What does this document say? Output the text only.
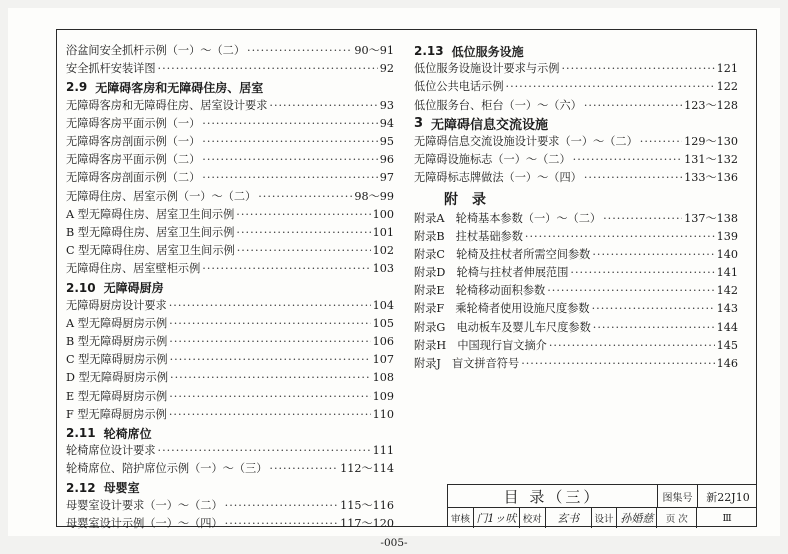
浴盆间安全抓杆示例（一）～（二） ·····	90～91
安全抓杆安装详图 ·····	92
2.9 无障碍客房和无障碍住房、居室
无障碍客房和无障碍住房、居室设计要求 ·····	93
无障碍客房平面示例（一） ·····	94
无障碍客房剖面示例（一） ·····	95
无障碍客房平面示例（二） ·····	96
无障碍客房剖面示例（二） ·····	97
无障碍住房、居室示例（一）～（二） ·····	98～99
A 型无障碍住房、居室卫生间示例 ·····	100
B 型无障碍住房、居室卫生间示例 ·····	101
C 型无障碍住房、居室卫生间示例 ·····	102
无障碍住房、居室壁柜示例 ·····	103
2.10 无障碍厨房
无障碍厨房设计要求 ·····	104
A 型无障碍厨房示例 ·····	105
B 型无障碍厨房示例 ·····	106
C 型无障碍厨房示例 ·····	107
D 型无障碍厨房示例 ·····	108
E 型无障碍厨房示例 ·····	109
F 型无障碍厨房示例 ·····	110
2.11 轮椅席位
轮椅席位设计要求 ·····	111
轮椅席位、陪护席位示例（一）～（三） ·····	112～114
2.12 母婴室
母婴室设计要求（一）～（二） ·····	115～116
母婴室设计示例（一）～（四） ·····	117～120
2.13 低位服务设施
低位服务设施设计要求与示例 ·····	121
低位公共电话示例 ·····	122
低位服务台、柜台（一）～（六） ·····	123～128
3 无障碍信息交流设施
无障碍信息交流设施设计要求（一）～（二） ·····	129～130
无障碍设施标志（一）～（二） ·····	131～132
无障碍标志牌做法（一）～（四） ·····	133～136
附录
附录A　轮椅基本参数（一）～（二） ·····	137～138
附录B　拄杖基础参数 ·····	139
附录C　轮椅及拄杖者所需空间参数 ·····	140
附录D　轮椅与拄杖者伸展范围 ·····	141
附录E　轮椅移动面积参数 ·····	142
附录F　乘轮椅者使用设施尺度参数 ·····	143
附录G　电动板车及婴儿车尺度参数 ·····	144
附录H　中国现行盲文摘介 ·····	145
附录J　盲文拼音符号 ·····	146
目 录（三）	图集号	新22J10
审核 门1ッ吠 校对	玄书	设计 孙婚慈	页 次	Ⅲ
-005-
